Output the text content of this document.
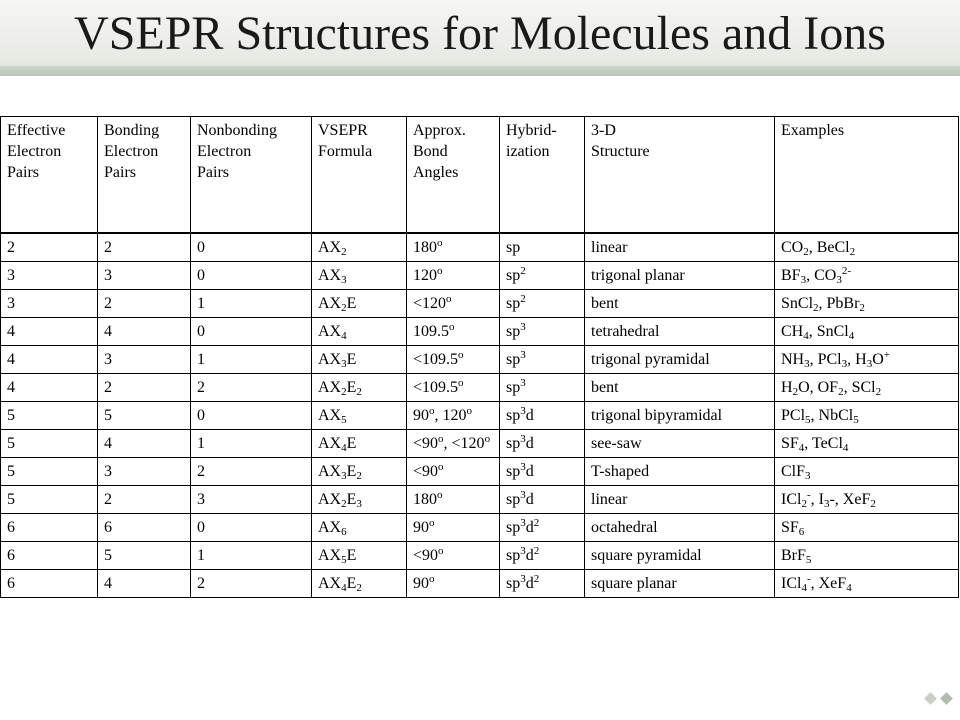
VSEPR Structures for Molecules and Ions
Effective
Electron
Pairs	Bonding
Electron
Pairs	Nonbonding
Electron
Pairs	VSEPR
Formula	Approx.
Bond
Angles	Hybrid-
ization	3-D
Structure	Examples

2	2	0	$AX_2$	180$^o$	sp	linear	$CO_2$, BeCl$_2$
3	3	0	$AX_3$	120$^o$	$sp^2$	trigonal planar	$BF_3$, $CO_3^{2-}$
3	2	1	$AX_2E$	$<120^o$	$sp^2$	bent	SnCl$_2$, PbBr$_2$
4	4	0	$AX_4$	109.5$^o$	$sp^3$	tetrahedral	$CH_4$, SnCl$_4$
4	3	1	$AX_3E$	$<109.5^o$	$sp^3$	trigonal pyramidal	$NH_3$, PCl$_3$, $H_3O^+$
4	2	2	$AX_2E_2$	$<109.5^o$	$sp^3$	bent	$H_2O$, $OF_2$, SCl$_2$
5	5	0	$AX_5$	90$^o$, 120$^o$	$sp^3d$	trigonal bipyramidal	PCl$_5$, NbCl$_5$
5	4	1	$AX_4E$	$<90^o$, $<120^o$	$sp^3d$	see-saw	$SF_4$, TeCl$_4$
5	3	2	$AX_3E_2$	$<90^o$	$sp^3d$	T-shaped	ClF$_3$
5	2	3	$AX_2E_3$	180$^o$	$sp^3d$	linear	ICl$_2$-, $I_3-$, XeF$_2$
6	6	0	$AX_6$	90$^o$	$sp^3d^2$	octahedral	$SF_6$
6	5	1	$AX_5E$	$<90^o$	$sp^3d^2$	square pyramidal	BrF$_5$
6	4	2	$AX_4E_2$	90$^o$	$sp^3d^2$	square planar	ICl$_4$-, XeF$_4$
